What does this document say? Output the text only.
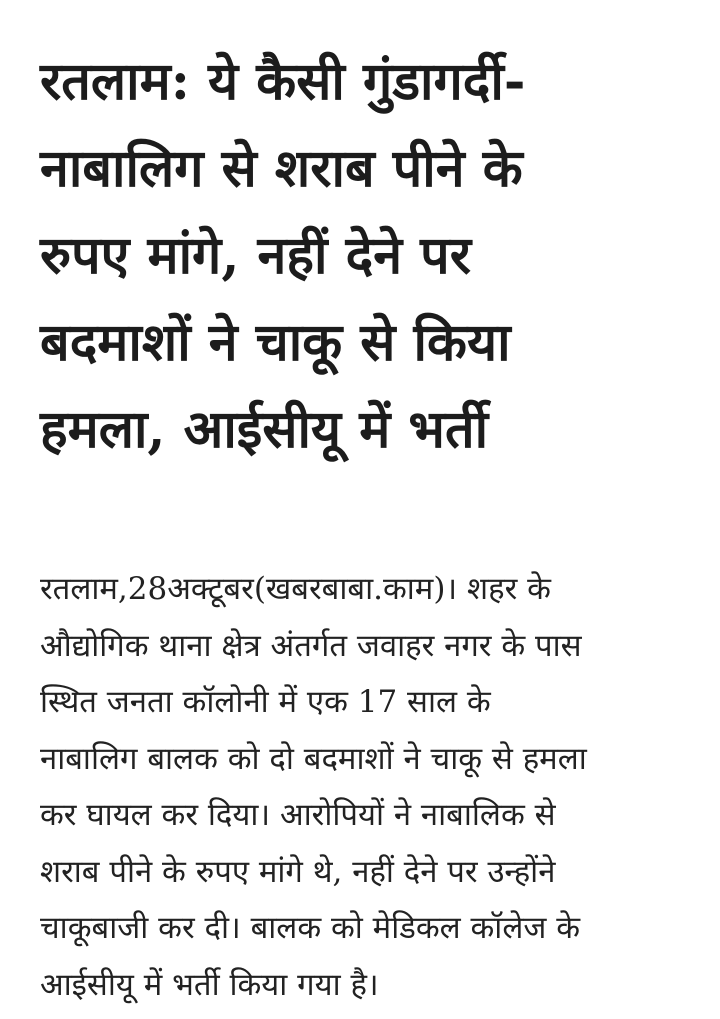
रतलाम: ये कैसी गुंडागर्दी-
नाबालिग से शराब पीने के
रुपए मांगे, नहीं देने पर
बदमाशों ने चाकू से किया
हमला, आईसीयू में भर्ती

रतलाम,28अक्टूबर(खबरबाबा.काम)। शहर के
औद्योगिक थाना क्षेत्र अंतर्गत जवाहर नगर के पास
स्थित जनता कॉलोनी में एक 17 साल के
नाबालिग बालक को दो बदमाशों ने चाकू से हमला
कर घायल कर दिया। आरोपियों ने नाबालिक से
शराब पीने के रुपए मांगे थे, नहीं देने पर उन्होंने
चाकूबाजी कर दी। बालक को मेडिकल कॉलेज के
आईसीयू में भर्ती किया गया है।
